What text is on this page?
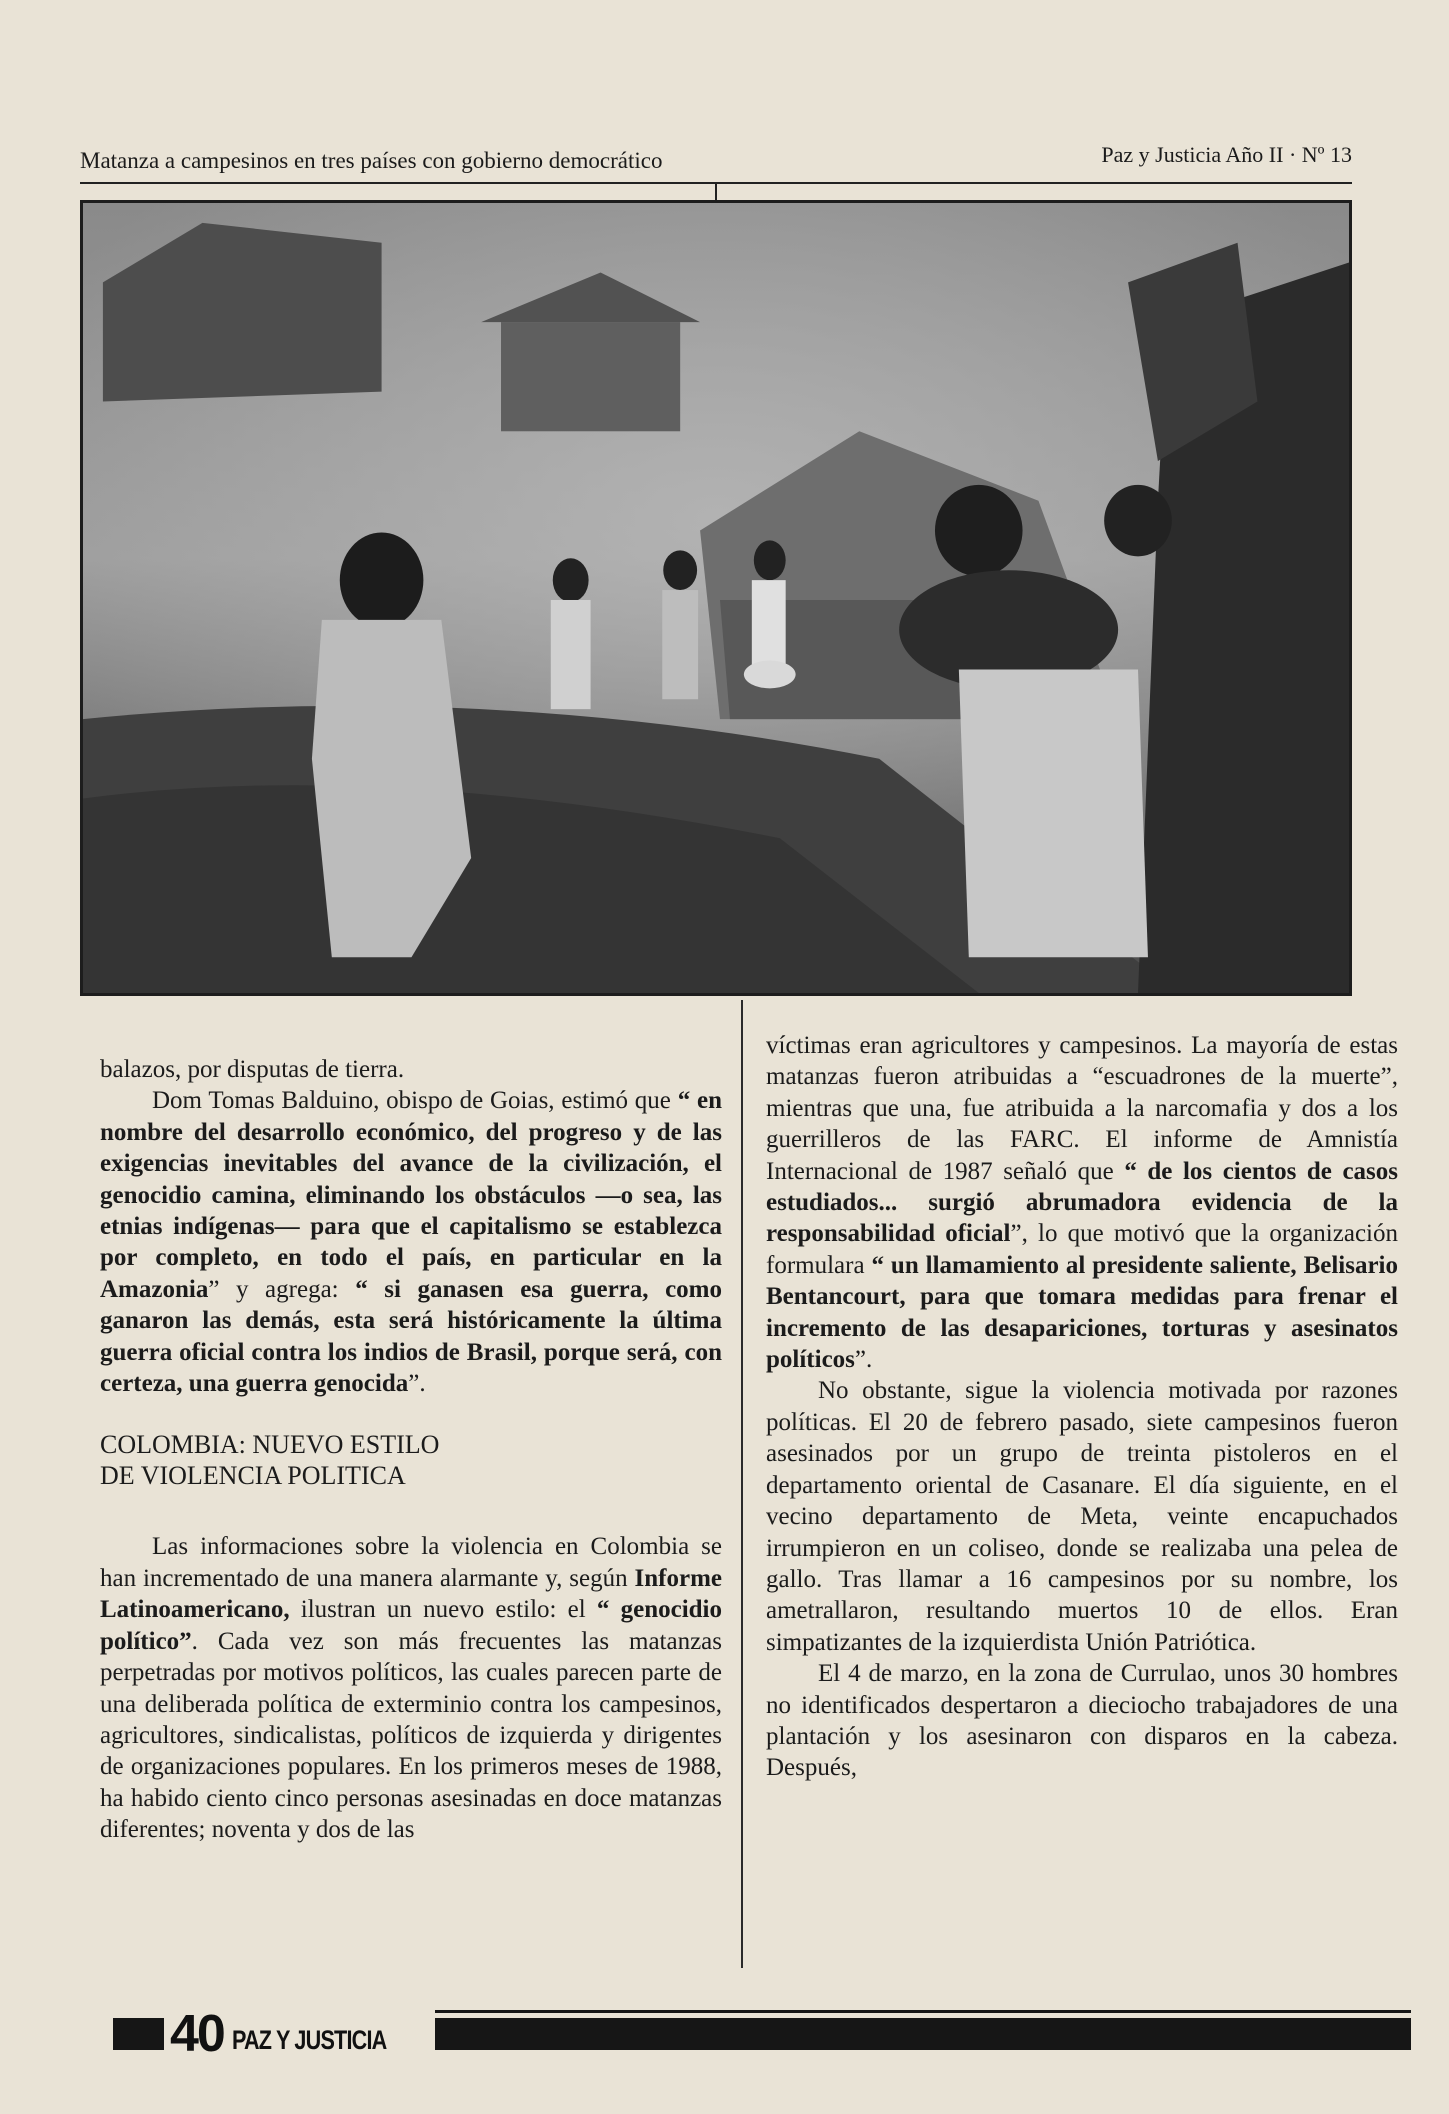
Matanza a campesinos en tres países con gobierno democrático	Paz y Justicia Año II · Nº 13

balazos, por disputas de tierra.

Dom Tomas Balduino, obispo de Goias, estimó que “ en nombre del desarrollo económico, del progreso y de las exigencias inevitables del avance de la civilización, el genocidio camina, eliminando los obstáculos —o sea, las etnias indígenas— para que el capitalismo se establezca por completo, en todo el país, en particular en la Amazonia” y agrega: “ si ganasen esa guerra, como ganaron las demás, esta será históricamente la última guerra oficial contra los indios de Brasil, porque será, con certeza, una guerra genocida”.

COLOMBIA: NUEVO ESTILO
DE VIOLENCIA POLITICA

Las informaciones sobre la violencia en Colombia se han incrementado de una manera alarmante y, según Informe Latinoamericano, ilustran un nuevo estilo: el “ genocidio político”. Cada vez son más frecuentes las matanzas perpetradas por motivos políticos, las cuales parecen parte de una deliberada política de exterminio contra los campesinos, agricultores, sindicalistas, políticos de izquierda y dirigentes de organizaciones populares. En los primeros meses de 1988, ha habido ciento cinco personas asesinadas en doce matanzas diferentes; noventa y dos de las

víctimas eran agricultores y campesinos. La mayoría de estas matanzas fueron atribuidas a “escuadrones de la muerte”, mientras que una, fue atribuida a la narcomafia y dos a los guerrilleros de las FARC. El informe de Amnistía Internacional de 1987 señaló que “ de los cientos de casos estudiados... surgió abrumadora evidencia de la responsabilidad oficial”, lo que motivó que la organización formulara “ un llamamiento al presidente saliente, Belisario Bentancourt, para que tomara medidas para frenar el incremento de las desapariciones, torturas y asesinatos políticos”.

No obstante, sigue la violencia motivada por razones políticas. El 20 de febrero pasado, siete campesinos fueron asesinados por un grupo de treinta pistoleros en el departamento oriental de Casanare. El día siguiente, en el vecino departamento de Meta, veinte encapuchados irrumpieron en un coliseo, donde se realizaba una pelea de gallo. Tras llamar a 16 campesinos por su nombre, los ametrallaron, resultando muertos 10 de ellos. Eran simpatizantes de la izquierdista Unión Patriótica.

El 4 de marzo, en la zona de Currulao, unos 30 hombres no identificados despertaron a dieciocho trabajadores de una plantación y los asesinaron con disparos en la cabeza. Después,

40 PAZ Y JUSTICIA
